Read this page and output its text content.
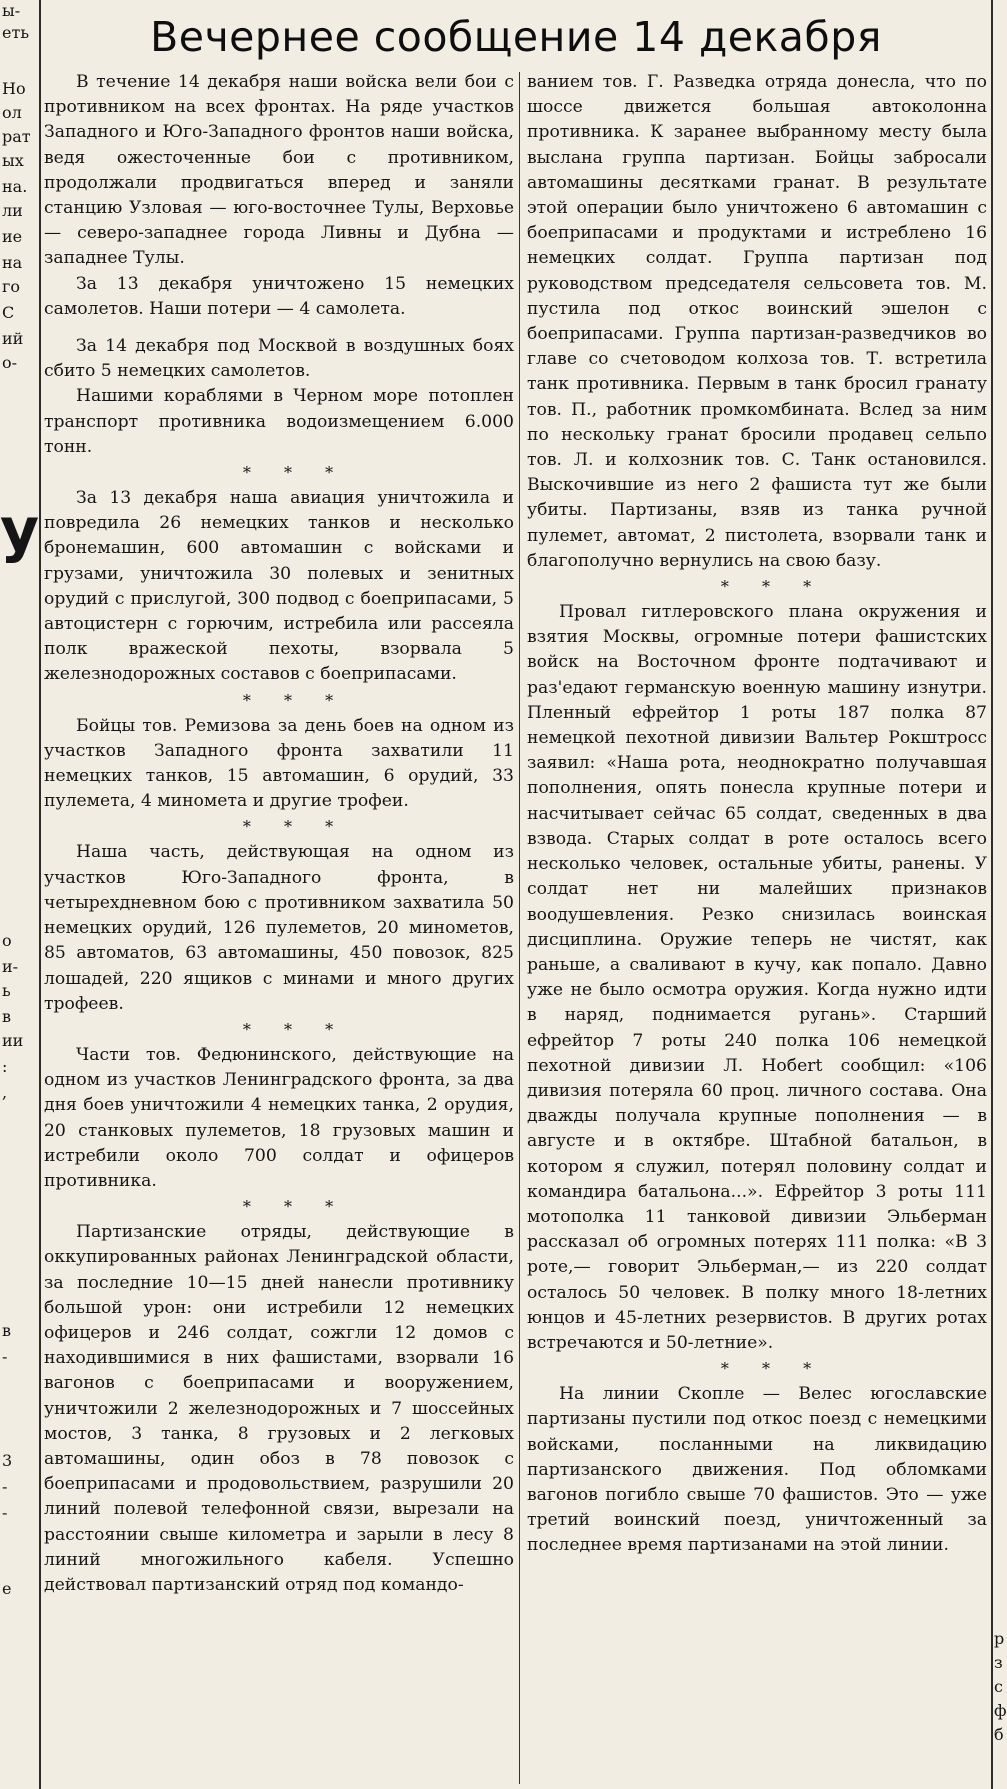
ы-
еть
Но
ол
рат
ых
на.
ли
ие
на
го
С
ий
о-
у
о
и-
ь
в
ии
:
,
в
-
3
-
-
е
р
з
с
ф
б
Вечернее сообщение 14 декабря

В течение 14 декабря наши войска вели бои с противником на всех фронтах. На ряде участков Западного и Юго-Западного фронтов наши войска, ведя ожесточенные бои с противником, продолжали продвигаться вперед и заняли станцию Узловая — юго-восточнее Тулы, Верховье — северо-западнее города Ливны и Дубна — западнее Тулы.

За 13 декабря уничтожено 15 немецких самолетов. Наши потери — 4 самолета.

За 14 декабря под Москвой в воздушных боях сбито 5 немецких самолетов.

Нашими кораблями в Черном море потоплен транспорт противника водоизмещением 6.000 тонн.

* * *

За 13 декабря наша авиация уничтожила и повредила 26 немецких танков и несколько бронемашин, 600 автомашин с войсками и грузами, уничтожила 30 полевых и зенитных орудий с прислугой, 300 подвод с боеприпасами, 5 автоцистерн с горючим, истребила или рассеяла полк вражеской пехоты, взорвала 5 железнодорожных составов с боеприпасами.

* * *

Бойцы тов. Ремизова за день боев на одном из участков Западного фронта захватили 11 немецких танков, 15 автомашин, 6 орудий, 33 пулемета, 4 миномета и другие трофеи.

* * *

Наша часть, действующая на одном из участков Юго-Западного фронта, в четырехдневном бою с противником захватила 50 немецких орудий, 126 пулеметов, 20 минометов, 85 автоматов, 63 автомашины, 450 повозок, 825 лошадей, 220 ящиков с минами и много других трофеев.

* * *

Части тов. Федюнинского, действующие на одном из участков Ленинградского фронта, за два дня боев уничтожили 4 немецких танка, 2 орудия, 20 станковых пулеметов, 18 грузовых машин и истребили около 700 солдат и офицеров противника.

* * *

Партизанские отряды, действующие в оккупированных районах Ленинградской области, за последние 10—15 дней нанесли противнику большой урон: они истребили 12 немецких офицеров и 246 солдат, сожгли 12 домов с находившимися в них фашистами, взорвали 16 вагонов с боеприпасами и вооружением, уничтожили 2 железнодорожных и 7 шоссейных мостов, 3 танка, 8 грузовых и 2 легковых автомашины, один обоз в 78 повозок с боеприпасами и продовольствием, разрушили 20 линий полевой телефонной связи, вырезали на расстоянии свыше километра и зарыли в лесу 8 линий многожильного кабеля. Успешно действовал партизанский отряд под командо-

ванием тов. Г. Разведка отряда донесла, что по шоссе движется большая автоколонна противника. К заранее выбранному месту была выслана группа партизан. Бойцы забросали автомашины десятками гранат. В результате этой операции было уничтожено 6 автомашин с боеприпасами и продуктами и истреблено 16 немецких солдат. Группа партизан под руководством председателя сельсовета тов. М. пустила под откос воинский эшелон с боеприпасами. Группа партизан-разведчиков во главе со счетоводом колхоза тов. Т. встретила танк противника. Первым в танк бросил гранату тов. П., работник промкомбината. Вслед за ним по нескольку гранат бросили продавец сельпо тов. Л. и колхозник тов. С. Танк остановился. Выскочившие из него 2 фашиста тут же были убиты. Партизаны, взяв из танка ручной пулемет, автомат, 2 пистолета, взорвали танк и благополучно вернулись на свою базу.

* * *

Провал гитлеровского плана окружения и взятия Москвы, огромные потери фашистских войск на Восточном фронте подтачивают и раз'едают германскую военную машину изнутри. Пленный ефрейтор 1 роты 187 полка 87 немецкой пехотной дивизии Вальтер Рокштросс заявил: «Наша рота, неоднократно получавшая пополнения, опять понесла крупные потери и насчитывает сейчас 65 солдат, сведенных в два взвода. Старых солдат в роте осталось всего несколько человек, остальные убиты, ранены. У солдат нет ни малейших признаков воодушевления. Резко снизилась воинская дисциплина. Оружие теперь не чистят, как раньше, а сваливают в кучу, как попало. Давно уже не было осмотра оружия. Когда нужно идти в наряд, поднимается ругань». Старший ефрейтор 7 роты 240 полка 106 немецкой пехотной дивизии Л. Нобert сообщил: «106 дивизия потеряла 60 проц. личного состава. Она дважды получала крупные пополнения — в августе и в октябре. Штабной батальон, в котором я служил, потерял половину солдат и командира батальона...». Ефрейтор 3 роты 111 мотополка 11 танковой дивизии Эльберман рассказал об огромных потерях 111 полка: «В 3 роте,— говорит Эльберман,— из 220 солдат осталось 50 человек. В полку много 18-летних юнцов и 45-летних резервистов. В других ротах встречаются и 50-летние».

* * *

На линии Скопле — Велес югославские партизаны пустили под откос поезд с немецкими войсками, посланными на ликвидацию партизанского движения. Под обломками вагонов погибло свыше 70 фашистов. Это — уже третий воинский поезд, уничтоженный за последнее время партизанами на этой линии.
